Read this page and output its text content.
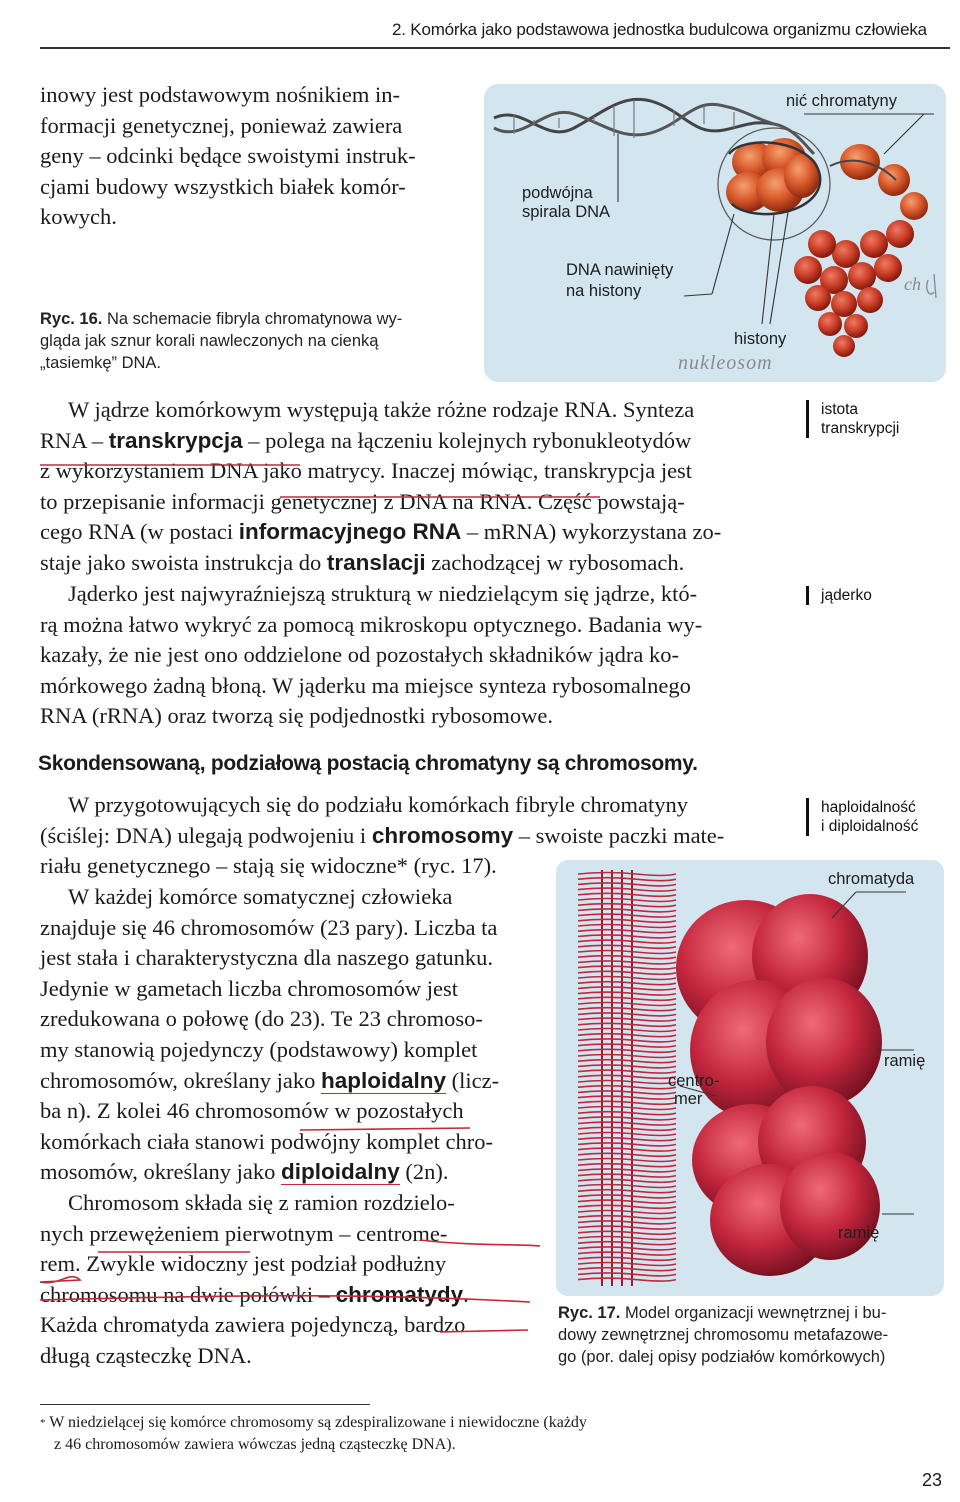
2. Komórka jako podstawowa jednostka budulcowa organizmu człowieka
inowy jest podstawowym nośnikiem in-
formacji genetycznej, ponieważ zawiera
geny – odcinki będące swoistymi instruk-
cjami budowy wszystkich białek komór-
kowych.
nić chromatyny
podwójna
spirala DNA
DNA nawinięty
na histony
histony
nukleosom
ch
Ryc. 16. Na schemacie fibryla chromatynowa wy-
gląda jak sznur korali nawleczonych na cienką
„tasiemkę” DNA.
W jądrze komórkowym występują także różne rodzaje RNA. Synteza
RNA – transkrypcja – polega na łączeniu kolejnych rybonukleotydów
z wykorzystaniem DNA jako matrycy. Inaczej mówiąc, transkrypcja jest
to przepisanie informacji genetycznej z DNA na RNA. Część powstają-
cego RNA (w postaci informacyjnego RNA – mRNA) wykorzystana zo-
staje jako swoista instrukcja do translacji zachodzącej w rybosomach.
Jąderko jest najwyraźniejszą strukturą w niedzielącym się jądrze, któ-
rą można łatwo wykryć za pomocą mikroskopu optycznego. Badania wy-
kazały, że nie jest ono oddzielone od pozostałych składników jądra ko-
mórkowego żadną błoną. W jąderku ma miejsce synteza rybosomalnego
RNA (rRNA) oraz tworzą się podjednostki rybosomowe.
istota
transkrypcji
jąderko
haploidalność
i diploidalność
Skondensowaną, podziałową postacią chromatyny są chromosomy.
W przygotowujących się do podziału komórkach fibryle chromatyny
(ściślej: DNA) ulegają podwojeniu i chromosomy – swoiste paczki mate-
riału genetycznego – stają się widoczne* (ryc. 17).
W każdej komórce somatycznej człowieka
znajduje się 46 chromosomów (23 pary). Liczba ta
jest stała i charakterystyczna dla naszego gatunku.
Jedynie w gametach liczba chromosomów jest
zredukowana o połowę (do 23). Te 23 chromoso-
my stanowią pojedynczy (podstawowy) komplet
chromosomów, określany jako haploidalny (licz-
ba n). Z kolei 46 chromosomów w pozostałych
komórkach ciała stanowi podwójny komplet chro-
mosomów, określany jako diploidalny (2n).
Chromosom składa się z ramion rozdzielo-
nych przewężeniem pierwotnym – centrome-
rem. Zwykle widoczny jest podział podłużny
chromosomu na dwie połówki – chromatydy.
Każda chromatyda zawiera pojedynczą, bardzo
długą cząsteczkę DNA.
chromatyda
ramię
ramię
centro-
mer
Ryc. 17. Model organizacji wewnętrznej i bu-
dowy zewnętrznej chromosomu metafazowe-
go (por. dalej opisy podziałów komórkowych)
* W niedzielącej się komórce chromosomy są zdespiralizowane i niewidoczne (każdy
z 46 chromosomów zawiera wówczas jedną cząsteczkę DNA).
23
